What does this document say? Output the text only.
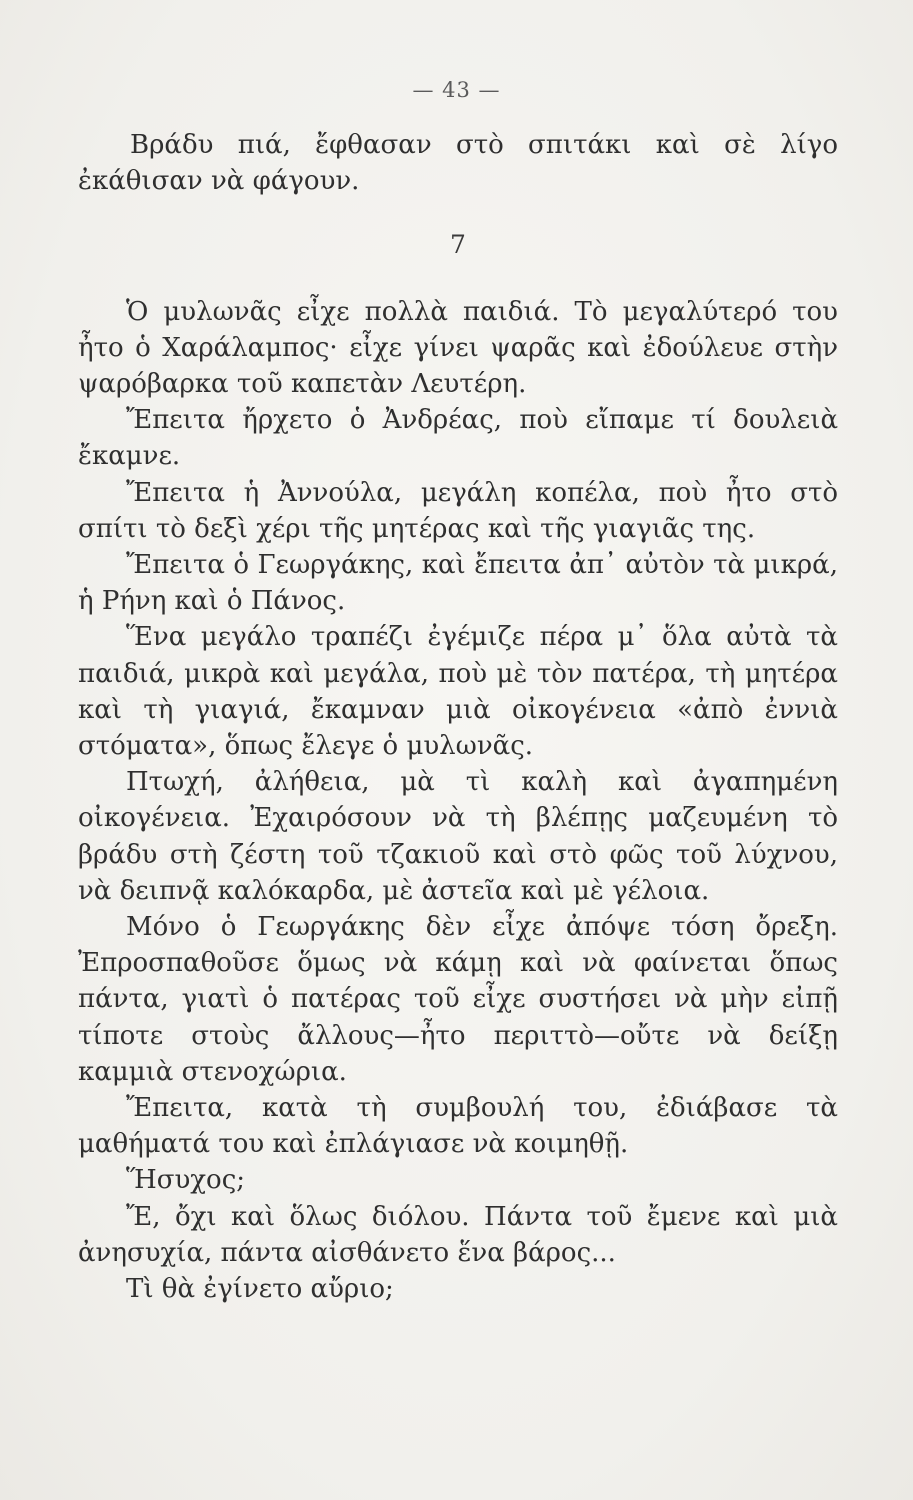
— 43 —

Βράδυ πιά, ἔφθασαν στὸ σπιτάκι καὶ σὲ λίγο ἐκάθισαν νὰ φάγουν.

7

Ὁ μυλωνᾶς εἶχε πολλὰ παιδιά. Τὸ μεγαλύτερό του ἦτο ὁ Χαράλαμπος· εἶχε γίνει ψαρᾶς καὶ ἐδούλευε στὴν ψαρόβαρκα τοῦ καπετὰν Λευτέρη.

Ἔπειτα ἤρχετο ὁ Ἀνδρέας, ποὺ εἴπαμε τί δουλειὰ ἔκαμνε.

Ἔπειτα ἡ Ἀννούλα, μεγάλη κοπέλα, ποὺ ἦτο στὸ σπίτι τὸ δεξὶ χέρι τῆς μητέρας καὶ τῆς γιαγιᾶς της.

Ἔπειτα ὁ Γεωργάκης, καὶ ἔπειτα ἀπ᾽ αὐτὸν τὰ μικρά, ἡ Ρήνη καὶ ὁ Πάνος.

Ἕνα μεγάλο τραπέζι ἐγέμιζε πέρα μ᾽ ὅλα αὐτὰ τὰ παιδιά, μικρὰ καὶ μεγάλα, ποὺ μὲ τὸν πατέρα, τὴ μητέρα καὶ τὴ γιαγιά, ἔκαμναν μιὰ οἰκογένεια «ἀπὸ ἐννιὰ στόματα», ὅπως ἔλεγε ὁ μυλωνᾶς.

Πτωχή, ἀλήθεια, μὰ τὶ καλὴ καὶ ἀγαπημένη οἰκογένεια. Ἐχαιρόσουν νὰ τὴ βλέπῃς μαζευμένη τὸ βράδυ στὴ ζέστη τοῦ τζακιοῦ καὶ στὸ φῶς τοῦ λύχνου, νὰ δειπνᾷ καλόκαρδα, μὲ ἀστεῖα καὶ μὲ γέλοια.

Μόνο ὁ Γεωργάκης δὲν εἶχε ἀπόψε τόση ὄρεξη. Ἐπροσπαθοῦσε ὅμως νὰ κάμῃ καὶ νὰ φαίνεται ὅπως πάντα, γιατὶ ὁ πατέρας τοῦ εἶχε συστήσει νὰ μὴν εἰπῇ τίποτε στοὺς ἄλλους—ἦτο περιττὸ—οὔτε νὰ δείξῃ καμμιὰ στενοχώρια.

Ἔπειτα, κατὰ τὴ συμβουλή του, ἐδιάβασε τὰ μαθήματά του καὶ ἐπλάγιασε νὰ κοιμηθῇ.

Ἥσυχος;

Ἔ, ὄχι καὶ ὅλως διόλου. Πάντα τοῦ ἔμενε καὶ μιὰ ἀνησυχία, πάντα αἰσθάνετο ἕνα βάρος...

Τὶ θὰ ἐγίνετο αὔριο;
